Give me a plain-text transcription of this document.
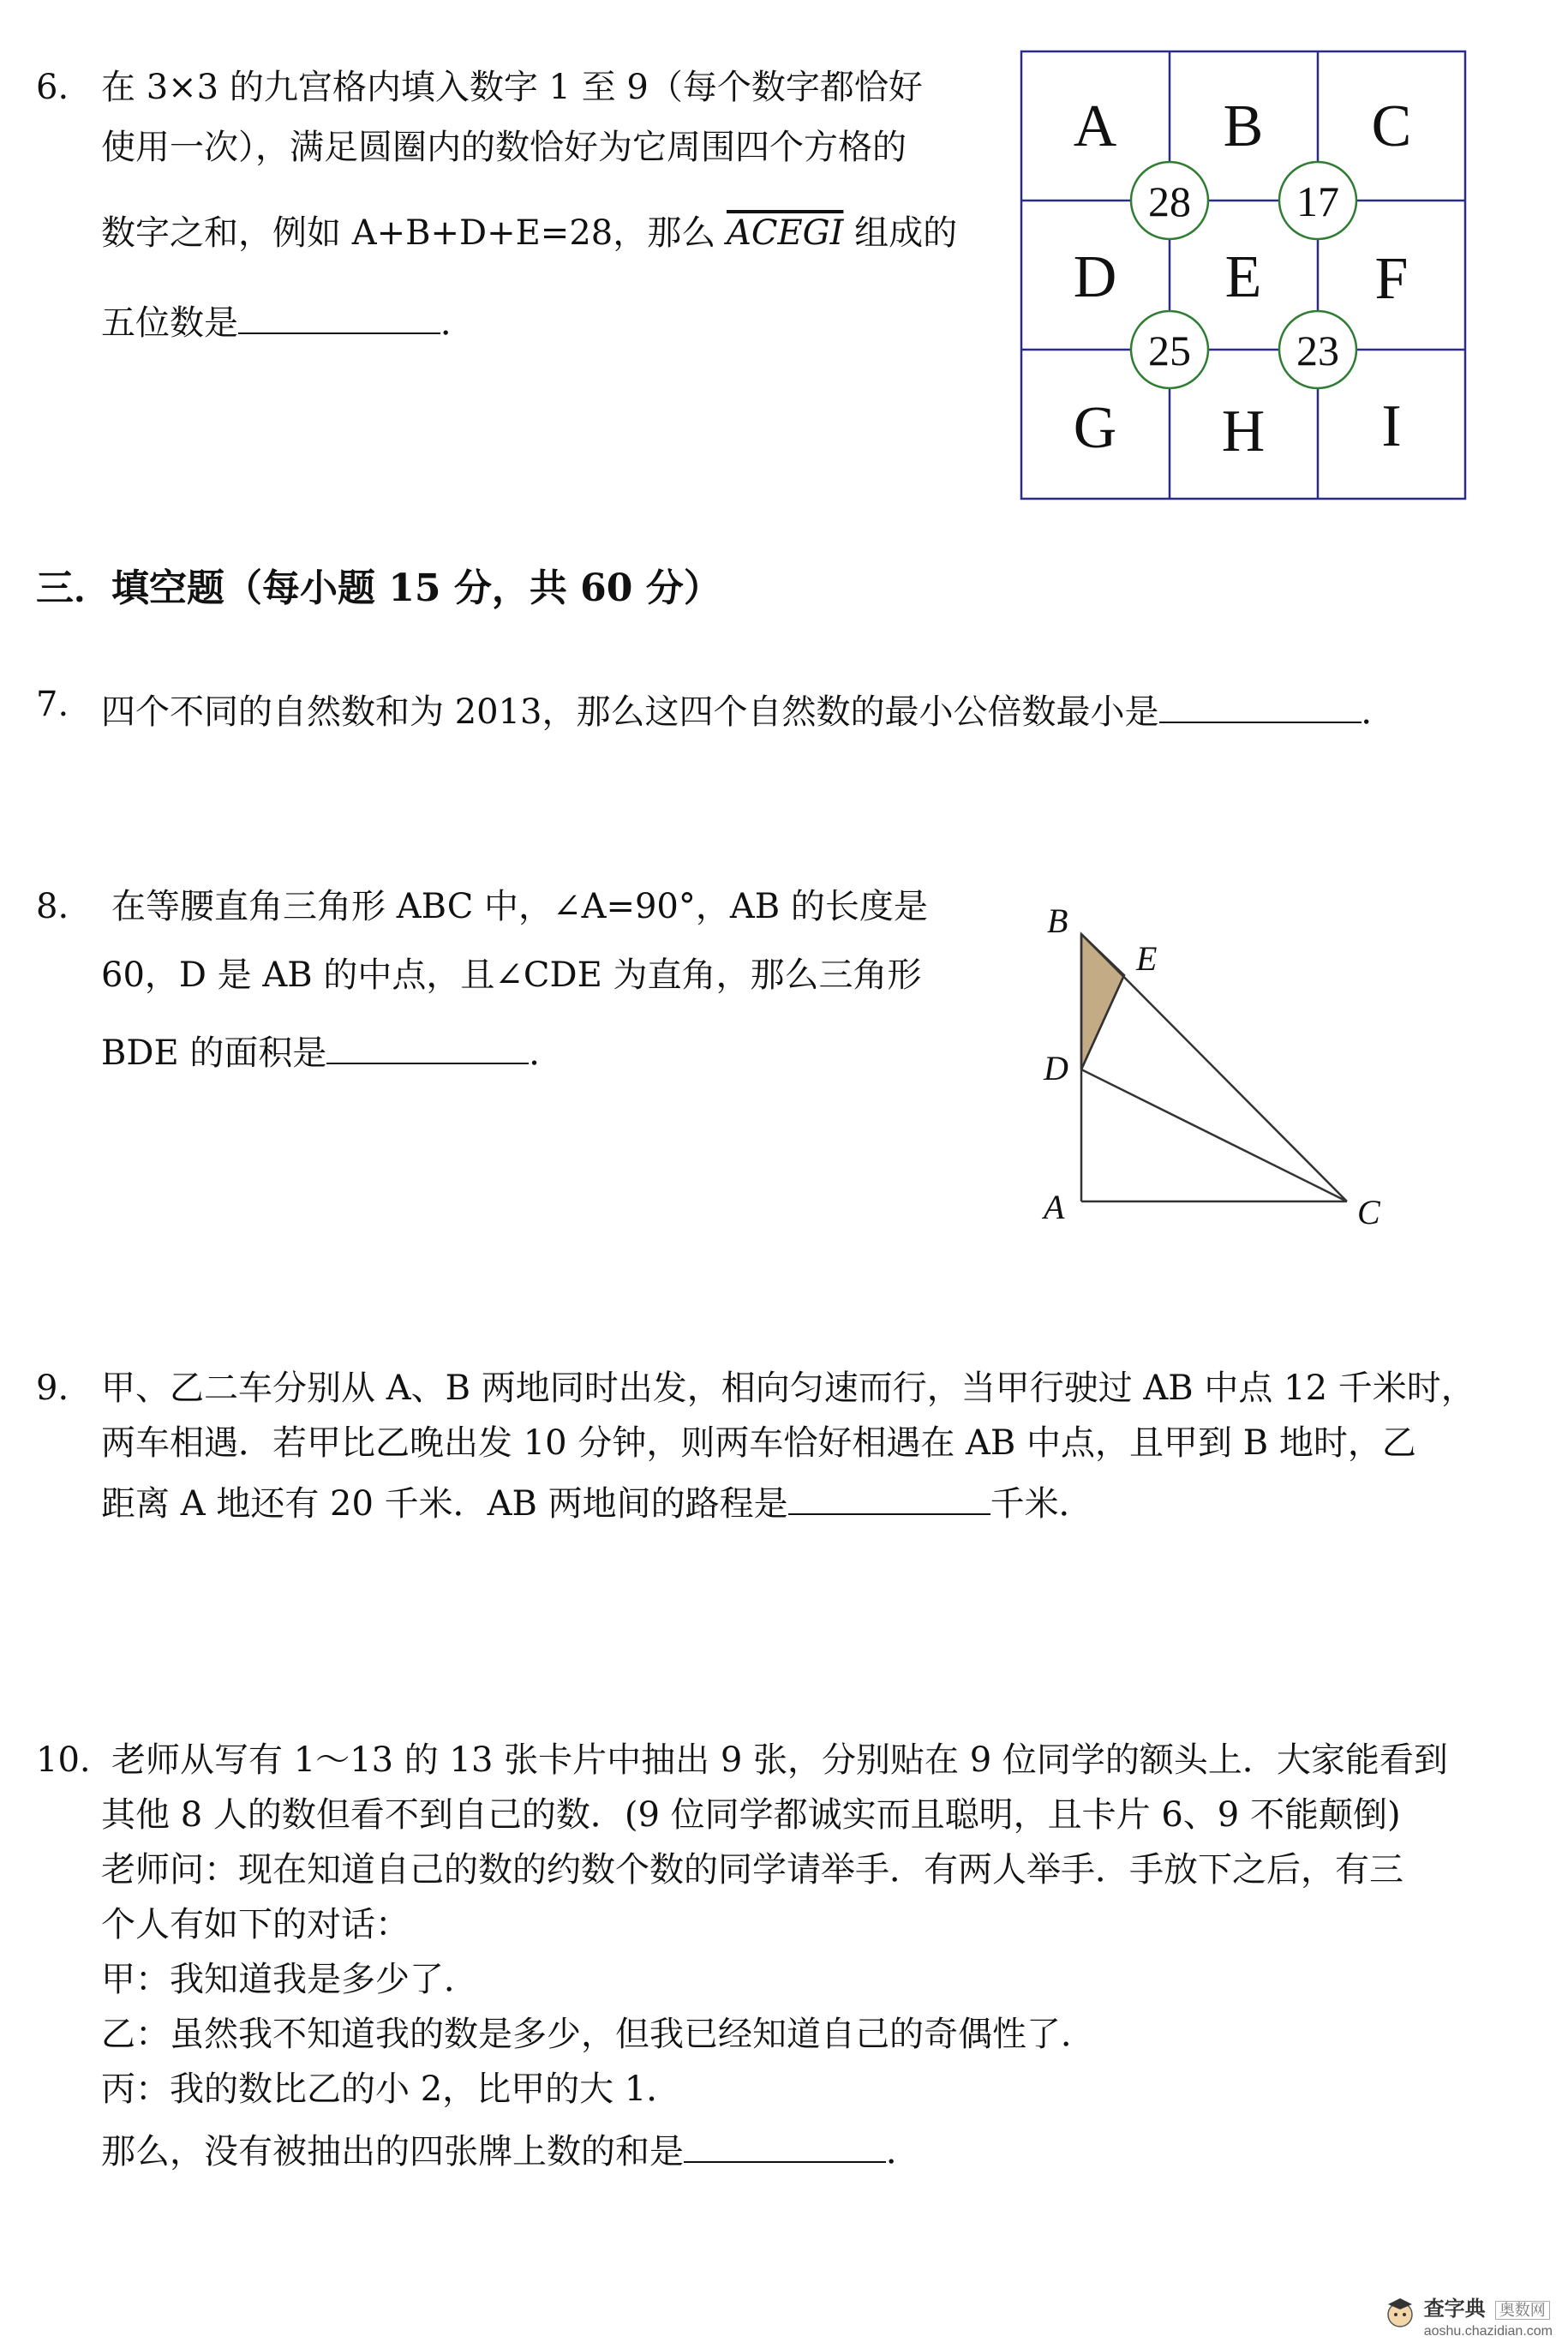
6. 在 3×3 的九宫格内填入数字 1 至 9（每个数字都恰好
使用一次），满足圆圈内的数恰好为它周围四个方格的
数字之和，例如 A+B+D+E=28，那么 ACEGI 组成的
五位数是	．
A B C
D E F
G H I
28 17
25 23
三．填空题（每小题 15 分，共 60 分）
7. 四个不同的自然数和为 2013，那么这四个自然数的最小公倍数最小是	．
8. 在等腰直角三角形 ABC 中，∠A=90°，AB 的长度是
60，D 是 AB 的中点，且∠CDE 为直角，那么三角形
BDE 的面积是	．
B
E
D
A	C
9. 甲、乙二车分别从 A、B 两地同时出发，相向匀速而行，当甲行驶过 AB 中点 12 千米时，
两车相遇．若甲比乙晚出发 10 分钟，则两车恰好相遇在 AB 中点，且甲到 B 地时，乙
距离 A 地还有 20 千米．AB 两地间的路程是	千米．
10. 老师从写有 1～13 的 13 张卡片中抽出 9 张，分别贴在 9 位同学的额头上．大家能看到
其他 8 人的数但看不到自己的数．(9 位同学都诚实而且聪明，且卡片 6、9 不能颠倒)
老师问：现在知道自己的数的约数个数的同学请举手．有两人举手．手放下之后，有三
个人有如下的对话：
甲：我知道我是多少了．
乙：虽然我不知道我的数是多少，但我已经知道自己的奇偶性了．
丙：我的数比乙的小 2，比甲的大 1．
那么，没有被抽出的四张牌上数的和是	．
查字典 奥数网
aoshu.chazidian.com
